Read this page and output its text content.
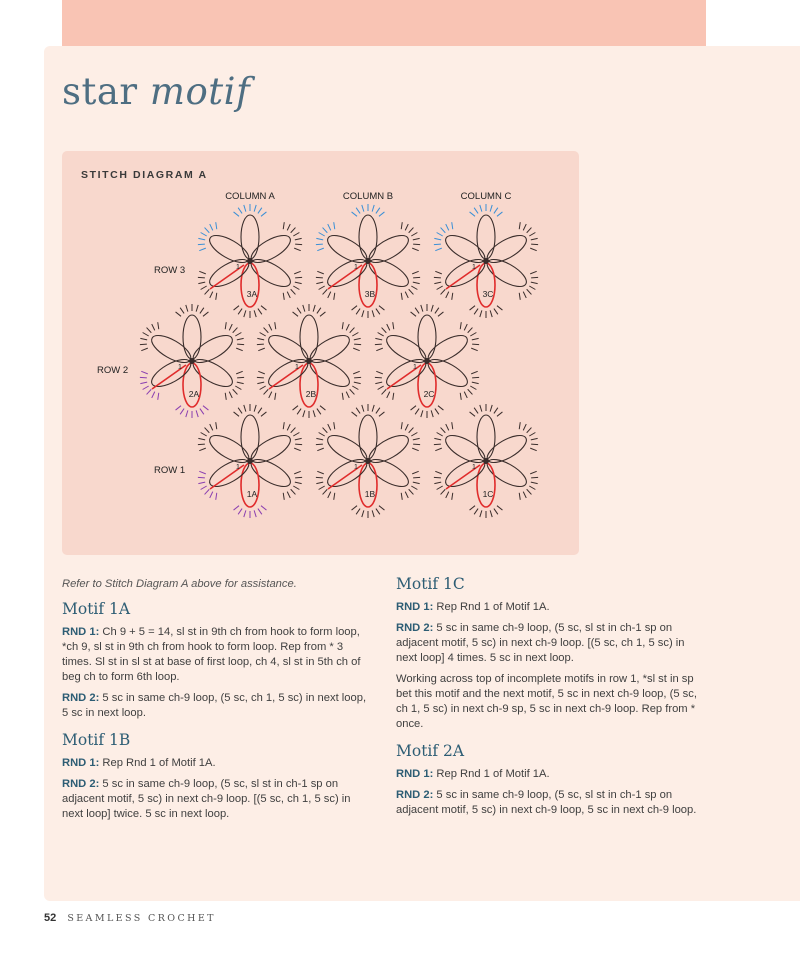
star motif
STITCH DIAGRAM A
COLUMN A	COLUMN B	COLUMN C
ROW 3
ROW 2
ROW 1
3A
1
3B
1
3C
1
2A
1
2B
1
2C
1
1A
1
1B
1
1C
1

Refer to Stitch Diagram A above for assistance.

Motif 1A

RND 1: Ch 9 + 5 = 14, sl st in 9th ch from hook to form loop, *ch 9, sl st in 9th ch from hook to form loop. Rep from * 3 times. Sl st in sl st at base of first loop, ch 4, sl st in 5th ch of beg ch to form 6th loop.

RND 2: 5 sc in same ch-9 loop, (5 sc, ch 1, 5 sc) in next loop, 5 sc in next loop.

Motif 1B

RND 1: Rep Rnd 1 of Motif 1A.

RND 2: 5 sc in same ch-9 loop, (5 sc, sl st in ch-1 sp on adjacent motif, 5 sc) in next ch-9 loop. [(5 sc, ch 1, 5 sc) in next loop] twice. 5 sc in next loop.

Motif 1C

RND 1: Rep Rnd 1 of Motif 1A.

RND 2: 5 sc in same ch-9 loop, (5 sc, sl st in ch-1 sp on adjacent motif, 5 sc) in next ch-9 loop. [(5 sc, ch 1, 5 sc) in next loop] 4 times. 5 sc in next loop.

Working across top of incomplete motifs in row 1, *sl st in sp bet this motif and the next motif, 5 sc in next ch-9 loop, (5 sc, ch 1, 5 sc) in next ch-9 sp, 5 sc in next ch-9 loop. Rep from * once.

Motif 2A

RND 1: Rep Rnd 1 of Motif 1A.

RND 2: 5 sc in same ch-9 loop, (5 sc, sl st in ch-1 sp on adjacent motif, 5 sc) in next ch-9 loop, 5 sc in next ch-9 loop.

52 SEAMLESS CROCHET
